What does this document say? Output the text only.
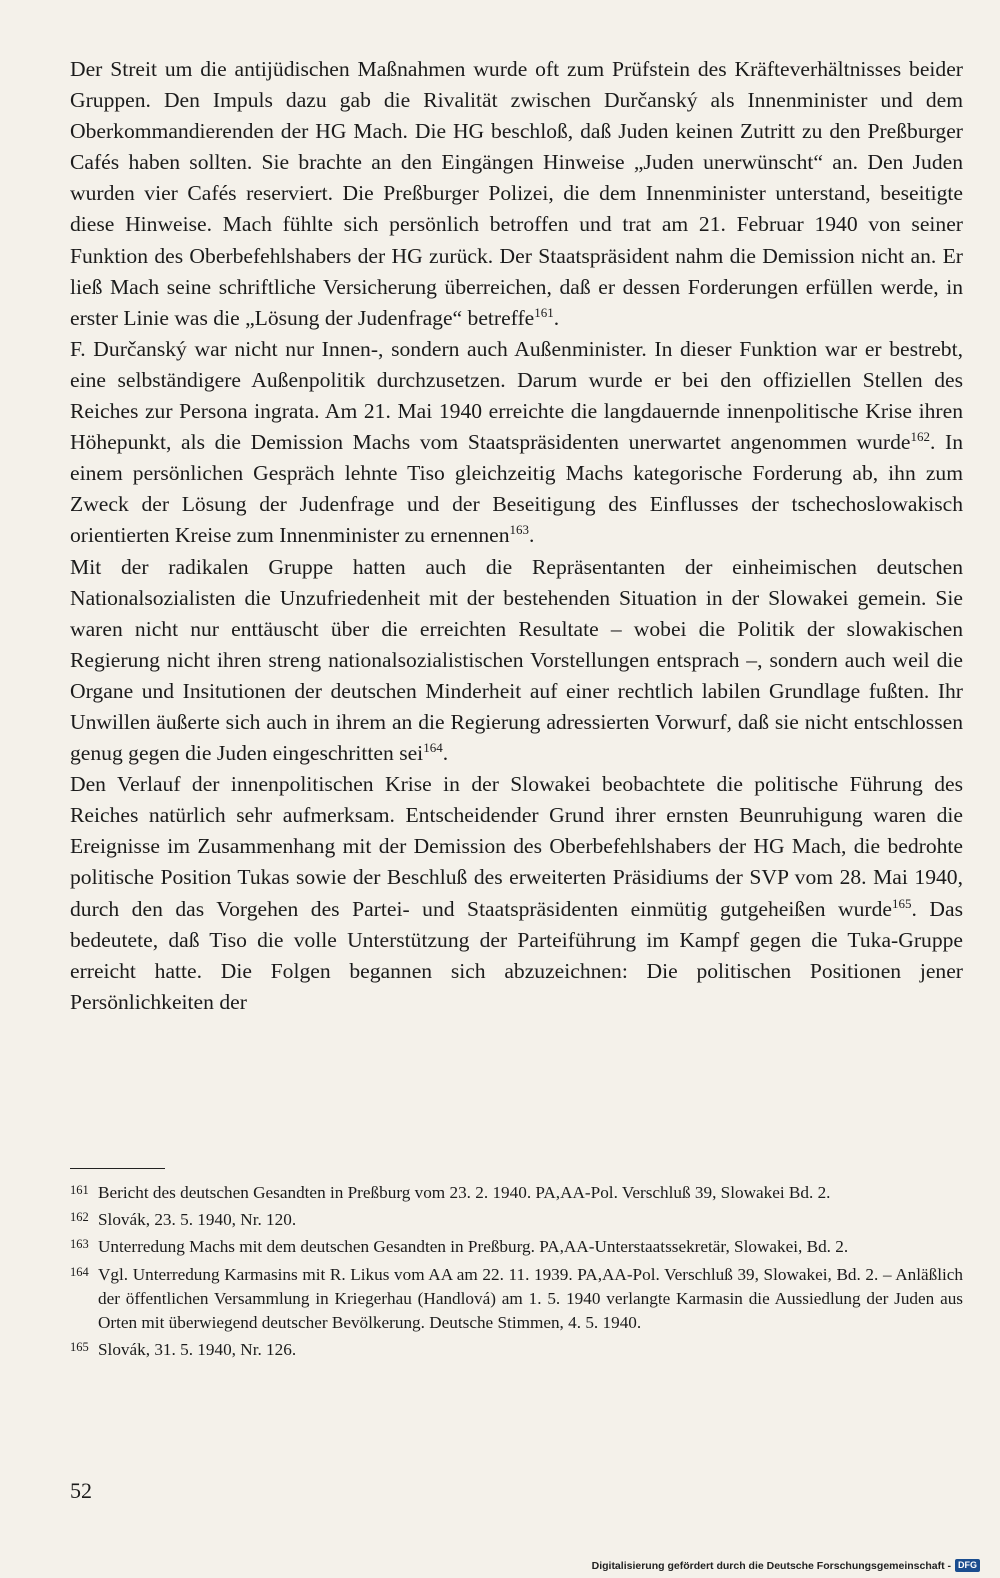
Der Streit um die antijüdischen Maßnahmen wurde oft zum Prüfstein des Kräfteverhältnisses beider Gruppen. Den Impuls dazu gab die Rivalität zwischen Durčanský als Innenminister und dem Oberkommandierenden der HG Mach. Die HG beschloß, daß Juden keinen Zutritt zu den Preßburger Cafés haben sollten. Sie brachte an den Eingängen Hinweise „Juden unerwünscht“ an. Den Juden wurden vier Cafés reserviert. Die Preßburger Polizei, die dem Innenminister unterstand, beseitigte diese Hinweise. Mach fühlte sich persönlich betroffen und trat am 21. Februar 1940 von seiner Funktion des Oberbefehlshabers der HG zurück. Der Staatspräsident nahm die Demission nicht an. Er ließ Mach seine schriftliche Versicherung überreichen, daß er dessen Forderungen erfüllen werde, in erster Linie was die „Lösung der Judenfrage“ betreffe$^{161}$.

F. Durčanský war nicht nur Innen-, sondern auch Außenminister. In dieser Funktion war er bestrebt, eine selbständigere Außenpolitik durchzusetzen. Darum wurde er bei den offiziellen Stellen des Reiches zur Persona ingrata. Am 21. Mai 1940 erreichte die langdauernde innenpolitische Krise ihren Höhepunkt, als die Demission Machs vom Staatspräsidenten unerwartet angenommen wurde$^{162}$. In einem persönlichen Gespräch lehnte Tiso gleichzeitig Machs kategorische Forderung ab, ihn zum Zweck der Lösung der Judenfrage und der Beseitigung des Einflusses der tschechoslowakisch orientierten Kreise zum Innenminister zu ernennen$^{163}$.

Mit der radikalen Gruppe hatten auch die Repräsentanten der einheimischen deutschen Nationalsozialisten die Unzufriedenheit mit der bestehenden Situation in der Slowakei gemein. Sie waren nicht nur enttäuscht über die erreichten Resultate – wobei die Politik der slowakischen Regierung nicht ihren streng nationalsozialistischen Vorstellungen entsprach –, sondern auch weil die Organe und Insitutionen der deutschen Minderheit auf einer rechtlich labilen Grundlage fußten. Ihr Unwillen äußerte sich auch in ihrem an die Regierung adressierten Vorwurf, daß sie nicht entschlossen genug gegen die Juden eingeschritten sei$^{164}$.

Den Verlauf der innenpolitischen Krise in der Slowakei beobachtete die politische Führung des Reiches natürlich sehr aufmerksam. Entscheidender Grund ihrer ernsten Beunruhigung waren die Ereignisse im Zusammenhang mit der Demission des Oberbefehlshabers der HG Mach, die bedrohte politische Position Tukas sowie der Beschluß des erweiterten Präsidiums der SVP vom 28. Mai 1940, durch den das Vorgehen des Partei- und Staatspräsidenten einmütig gutgeheißen wurde$^{165}$. Das bedeutete, daß Tiso die volle Unterstützung der Parteiführung im Kampf gegen die Tuka-Gruppe erreicht hatte. Die Folgen begannen sich abzuzeichnen: Die politischen Positionen jener Persönlichkeiten der

161 Bericht des deutschen Gesandten in Preßburg vom 23. 2. 1940. PA,AA-Pol. Verschluß 39, Slowakei Bd. 2.
162 Slovák, 23. 5. 1940, Nr. 120.
163 Unterredung Machs mit dem deutschen Gesandten in Preßburg. PA,AA-Unterstaatssekretär, Slowakei, Bd. 2.
164 Vgl. Unterredung Karmasins mit R. Likus vom AA am 22. 11. 1939. PA,AA-Pol. Verschluß 39, Slowakei, Bd. 2. – Anläßlich der öffentlichen Versammlung in Kriegerhau (Handlová) am 1. 5. 1940 verlangte Karmasin die Aussiedlung der Juden aus Orten mit überwiegend deutscher Bevölkerung. Deutsche Stimmen, 4. 5. 1940.
165 Slovák, 31. 5. 1940, Nr. 126.
52
Digitalisierung gefördert durch die Deutsche Forschungsgemeinschaft - DFG
